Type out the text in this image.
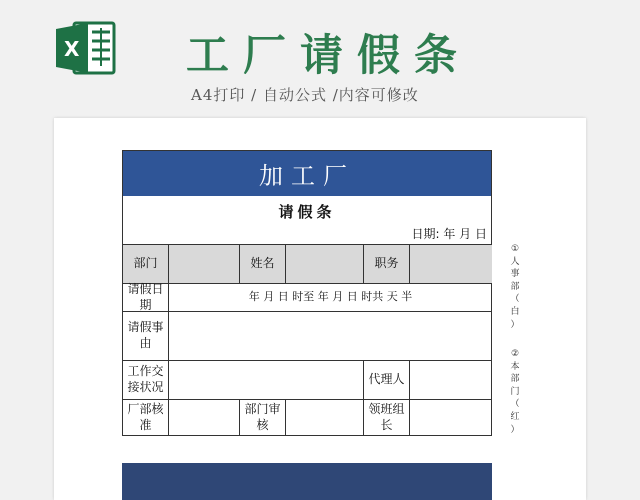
X 工厂请假条
A4打印 / 自动公式 /内容可修改
加工厂
请假条
日期: 年 月 日
部门	姓名	职务
请假日期
年 月 日 时至 年 月 日 时共 天 半
请假事由
工作交接状况
代理人
厂部核准
部门审核
领班组长
①
人
事
部
（
白
）
②
本
部
门
（
红
）
